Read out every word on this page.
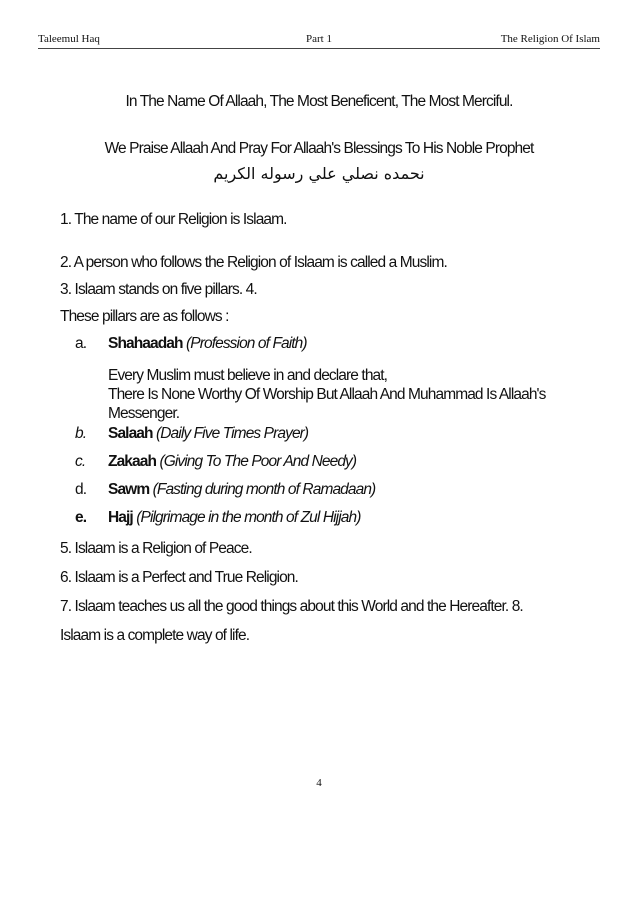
Taleemul Haq	Part 1	The Religion Of Islam
In The Name Of Allaah, The Most Beneficent, The Most Merciful.
We Praise Allaah And Pray For Allaah's Blessings To His Noble Prophet
نحمده نصلي علي رسوله الكريم
1. The name of our Religion is Islaam.
2. A person who follows the Religion of Islaam is called a Muslim.
3. Islaam stands on five pillars. 4.
These pillars are as follows :
a. Shahaadah (Profession of Faith)
Every Muslim must believe in and declare that,
There Is None Worthy Of Worship But Allaah And Muhammad Is Allaah's
Messenger.
b. Salaah (Daily Five Times Prayer)
c. Zakaah (Giving To The Poor And Needy)
d. Sawm (Fasting during month of Ramadaan)
e. Hajj (Pilgrimage in the month of Zul Hijjah)
5. Islaam is a Religion of Peace.
6. Islaam is a Perfect and True Religion.
7. Islaam teaches us all the good things about this World and the Hereafter. 8.
Islaam is a complete way of life.
4
